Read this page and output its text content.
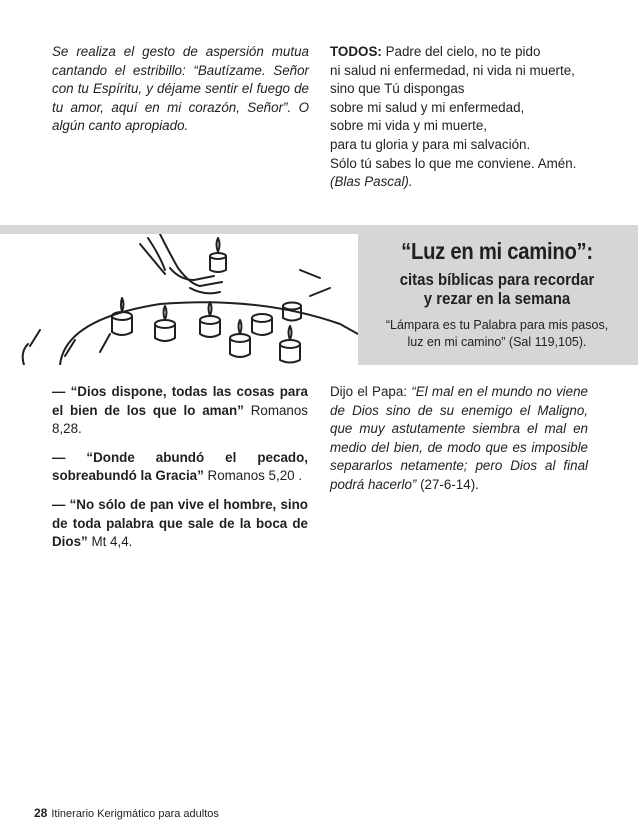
Se realiza el gesto de aspersión mutua cantando el estribillo: “Bautízame. Señor con tu Espíritu, y déjame sentir el fuego de tu amor, aquí en mi corazón, Señor”. O algún canto apropiado.
TODOS: Padre del cielo, no te pido
ni salud ni enfermedad, ni vida ni muerte,
sino que Tú dispongas
sobre mi salud y mi enfermedad,
sobre mi vida y mi muerte,
para tu gloria y para mi salvación.
Sólo tú sabes lo que me conviene. Amén.
(Blas Pascal).
“Luz en mi camino”:
citas bíblicas para recordar
y rezar en la semana
“Lámpara es tu Palabra para mis pasos,
luz en mi camino” (Sal 119,105).

— “Dios dispone, todas las cosas para el bien de los que lo aman” Romanos 8,28.

— “Donde abundó el pecado, sobreabundó la Gracia” Romanos 5,20 .

— “No sólo de pan vive el hombre, sino de toda palabra que sale de la boca de Dios” Mt 4,4.

Dijo el Papa: “El mal en el mundo no viene de Dios sino de su enemigo el Maligno, que muy astutamente siembra el mal en medio del bien, de modo que es imposible separarlos netamente; pero Dios al final podrá hacerlo” (27-6-14).
28 Itinerario Kerigmático para adultos
